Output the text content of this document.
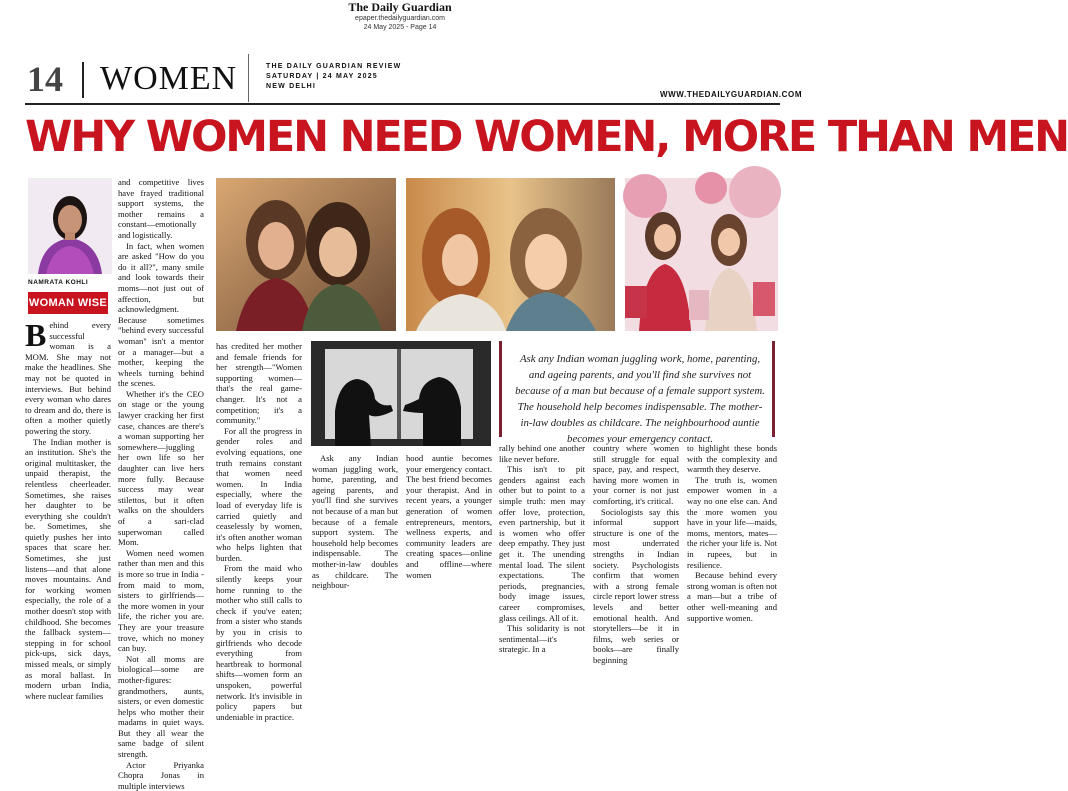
The Daily Guardian
epaper.thedailyguardian.com
24 May 2025 - Page 14
14 WOMEN	THE DAILY GUARDIAN REVIEW
SATURDAY | 24 MAY 2025
NEW DELHI
WWW.THEDAILYGUARDIAN.COM
WHY WOMEN NEED WOMEN, MORE THAN MEN
NAMRATA KOHLI
WOMAN WISE

Behind every successful woman is a MOM. She may not make the headlines. She may not be quoted in interviews. But behind every woman who dares to dream and do, there is often a mother quietly powering the story.

The Indian mother is an institution. She's the original multitasker, the unpaid therapist, the relentless cheerleader. Sometimes, she raises her daughter to be everything she couldn't be. Sometimes, she quietly pushes her into spaces that scare her. Sometimes, she just listens—and that alone moves mountains. And for working women especially, the role of a mother doesn't stop with childhood. She becomes the fallback system—stepping in for school pick-ups, sick days, missed meals, or simply as moral ballast. In modern urban India, where nuclear families

and competitive lives have frayed traditional support systems, the mother remains a constant—emotionally and logistically.

In fact, when women are asked "How do you do it all?", many smile and look towards their moms—not just out of affection, but acknowledgment. Because sometimes "behind every successful woman" isn't a mentor or a manager—but a mother, keeping the wheels turning behind the scenes.

Whether it's the CEO on stage or the young lawyer cracking her first case, chances are there's a woman supporting her somewhere—juggling her own life so her daughter can live hers more fully. Because success may wear stilettos, but it often walks on the shoulders of a sari-clad superwoman called Mom.

Women need women rather than men and this is more so true in India - from maid to mom, sisters to girlfriends—the more women in your life, the richer you are. They are your treasure trove, which no money can buy.

Not all moms are biological—some are mother-figures: grandmothers, aunts, sisters, or even domestic helps who mother their madams in quiet ways. But they all wear the same badge of silent strength.

Actor Priyanka Chopra Jonas in multiple interviews

has credited her mother and female friends for her strength—"Women supporting women—that's the real game-changer. It's not a competition; it's a community."

For all the progress in gender roles and evolving equations, one truth remains constant that women need women. In India especially, where the load of everyday life is carried quietly and ceaselessly by women, it's often another woman who helps lighten that burden.

From the maid who silently keeps your home running to the mother who still calls to check if you've eaten; from a sister who stands by you in crisis to girlfriends who decode everything from heartbreak to hormonal shifts—women form an unspoken, powerful network. It's invisible in policy papers but undeniable in practice.

Ask any Indian woman juggling work, home, parenting, and ageing parents, and you'll find she survives not because of a man but because of a female support system. The household help becomes indispensable. The mother-in-law doubles as childcare. The neighbour-

hood auntie becomes your emergency contact. The best friend becomes your therapist. And in recent years, a younger generation of women entrepreneurs, mentors, wellness experts, and community leaders are creating spaces—online and offline—where women

Ask any Indian woman juggling work, home, parenting, and ageing parents, and you'll find she survives not because of a man but because of a female support system. The household help becomes indispensable. The mother-in-law doubles as childcare. The neighbourhood auntie becomes your emergency contact.

rally behind one another like never before.

This isn't to pit genders against each other but to point to a simple truth: men may offer love, protection, even partnership, but it is women who offer deep empathy. They just get it. The unending mental load. The silent expectations. The periods, pregnancies, body image issues, career compromises, glass ceilings. All of it.

This solidarity is not sentimental—it's strategic. In a

country where women still struggle for equal space, pay, and respect, having more women in your corner is not just comforting, it's critical.

Sociologists say this informal support structure is one of the most underrated strengths in Indian society. Psychologists confirm that women with a strong female circle report lower stress levels and better emotional health. And storytellers—be it in films, web series or books—are finally beginning

to highlight these bonds with the complexity and warmth they deserve.

The truth is, women empower women in a way no one else can. And the more women you have in your life—maids, moms, mentors, mates—the richer your life is. Not in rupees, but in resilience.

Because behind every strong woman is often not a man—but a tribe of other well-meaning and supportive women.
